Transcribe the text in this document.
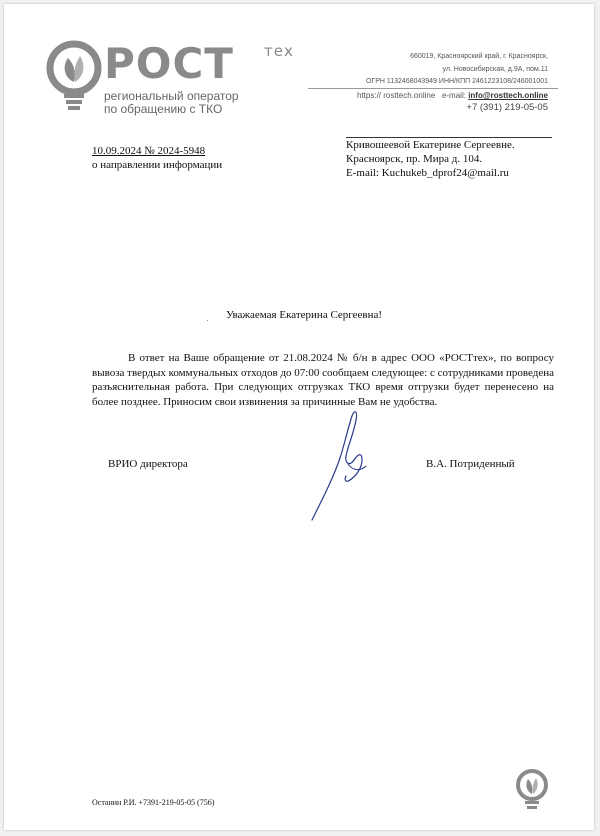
РОСТ тех
региональный оператор
по обращению с ТКО
660019, Красноярский край, г. Красноярск,
ул. Новосибирская, д.9А, пом.11
ОГРН 1132468043949 ИНН/КПП 2461223108/246001001
https:// rosttech.online e-mail: info@rosttech.online
+7 (391) 219-05-05
10.09.2024 № 2024-5948
о направлении информации
Кривошеевой Екатерине Сергеевне.
Красноярск, пр. Мира д. 104.
E-mail: Kuchukeb_dprof24@mail.ru
Уважаемая Екатерина Сергеевна!
В ответ на Ваше обращение от 21.08.2024 № б/н в адрес ООО «РОСТтех», по вопросу вывоза твердых коммунальных отходов до 07:00 сообщаем следующее: с сотрудниками проведена разъяснительная работа. При следующих отгрузках ТКО время отгрузки будет перенесено на более позднее. Приносим свои извинения за причинные Вам не удобства.
ВРИО директора	В.А. Потриденный
Останин Р.И. +7391-219-05-05 (756)
